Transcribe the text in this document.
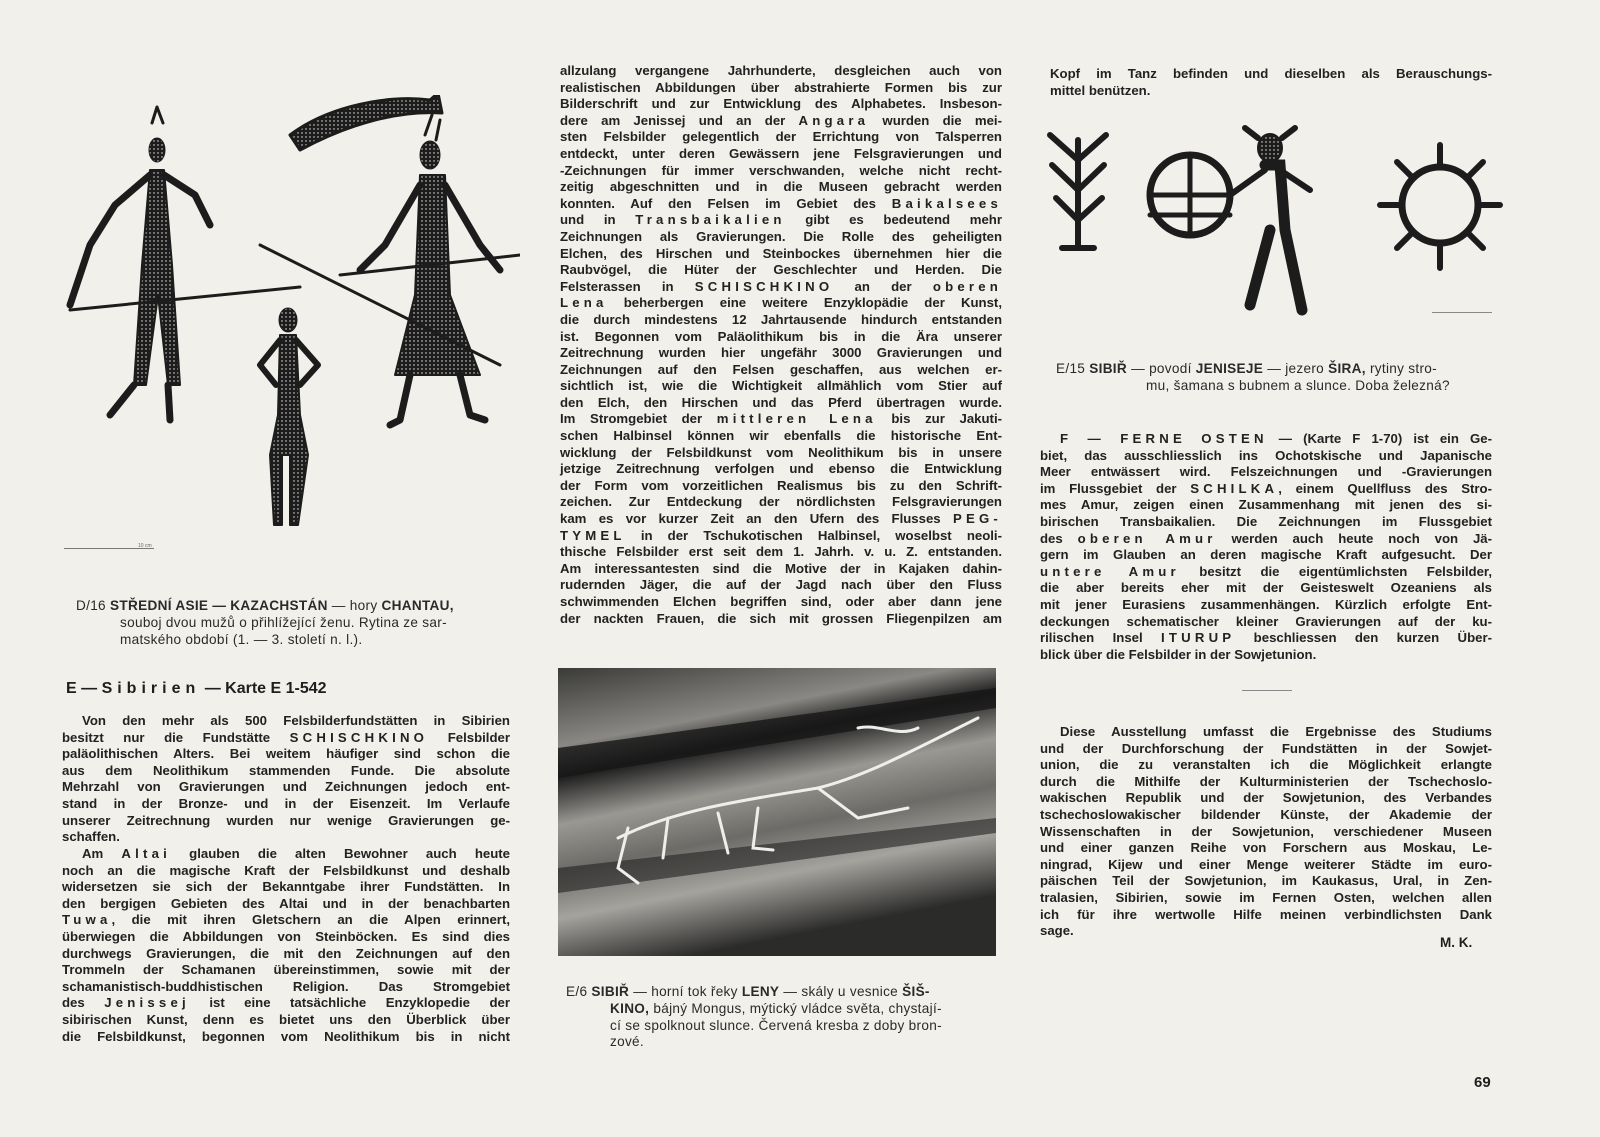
10 cm
D/16 STŘEDNÍ ASIE — KAZACHSTÁN — hory CHANTAU,
souboj dvou mužů o přihlížející ženu. Rytina ze sar-
matského období (1. — 3. století n. l.).
E/6 SIBIŘ — horní tok řeky LENY — skály u vesnice ŠIŠ-
KINO, bájný Mongus, mýtický vládce světa, chystají-
cí se spolknout slunce. Červená kresba z doby bron-
zové.
E/15 SIBIŘ — povodí JENISEJE — jezero ŠIRA, rytiny stro-
mu, šamana s bubnem a slunce. Doba železná?
E — Sibirien — Karte E 1-542
Von den mehr als 500 Felsbilderfundstätten in Sibirien
besitzt nur die Fundstätte SCHISCHKINO Felsbilder
paläolithischen Alters. Bei weitem häufiger sind schon die
aus dem Neolithikum stammenden Funde. Die absolute
Mehrzahl von Gravierungen und Zeichnungen jedoch ent-
stand in der Bronze- und in der Eisenzeit. Im Verlaufe
unserer Zeitrechnung wurden nur wenige Gravierungen ge-
schaffen.
Am Altai glauben die alten Bewohner auch heute
noch an die magische Kraft der Felsbildkunst und deshalb
widersetzen sie sich der Bekanntgabe ihrer Fundstätten. In
den bergigen Gebieten des Altai und in der benachbarten
Tuwa, die mit ihren Gletschern an die Alpen erinnert,
überwiegen die Abbildungen von Steinböcken. Es sind dies
durchwegs Gravierungen, die mit den Zeichnungen auf den
Trommeln der Schamanen übereinstimmen, sowie mit der
schamanistisch-buddhistischen Religion. Das Stromgebiet
des Jenissej ist eine tatsächliche Enzyklopedie der
sibirischen Kunst, denn es bietet uns den Überblick über
die Felsbildkunst, begonnen vom Neolithikum bis in nicht
allzulang vergangene Jahrhunderte, desgleichen auch von
realistischen Abbildungen über abstrahierte Formen bis zur
Bilderschrift und zur Entwicklung des Alphabetes. Insbeson-
dere am Jenissej und an der Angara wurden die mei-
sten Felsbilder gelegentlich der Errichtung von Talsperren
entdeckt, unter deren Gewässern jene Felsgravierungen und
-Zeichnungen für immer verschwanden, welche nicht recht-
zeitig abgeschnitten und in die Museen gebracht werden
konnten. Auf den Felsen im Gebiet des Baikalsees
und in Transbaikalien gibt es bedeutend mehr
Zeichnungen als Gravierungen. Die Rolle des geheiligten
Elchen, des Hirschen und Steinbockes übernehmen hier die
Raubvögel, die Hüter der Geschlechter und Herden. Die
Felsterassen in SCHISCHKINO an der oberen
Lena beherbergen eine weitere Enzyklopädie der Kunst,
die durch mindestens 12 Jahrtausende hindurch entstanden
ist. Begonnen vom Paläolithikum bis in die Ära unserer
Zeitrechnung wurden hier ungefähr 3000 Gravierungen und
Zeichnungen auf den Felsen geschaffen, aus welchen er-
sichtlich ist, wie die Wichtigkeit allmählich vom Stier auf
den Elch, den Hirschen und das Pferd übertragen wurde.
Im Stromgebiet der mittleren Lena bis zur Jakuti-
schen Halbinsel können wir ebenfalls die historische Ent-
wicklung der Felsbildkunst vom Neolithikum bis in unsere
jetzige Zeitrechnung verfolgen und ebenso die Entwicklung
der Form vom vorzeitlichen Realismus bis zu den Schrift-
zeichen. Zur Entdeckung der nördlichsten Felsgravierungen
kam es vor kurzer Zeit an den Ufern des Flusses PEG-
TYMEL in der Tschukotischen Halbinsel, woselbst neoli-
thische Felsbilder erst seit dem 1. Jahrh. v. u. Z. entstanden.
Am interessantesten sind die Motive der in Kajaken dahin-
rudernden Jäger, die auf der Jagd nach über den Fluss
schwimmenden Elchen begriffen sind, oder aber dann jene
der nackten Frauen, die sich mit grossen Fliegenpilzen am
Kopf im Tanz befinden und dieselben als Berauschungs-
mittel benützen.
F — FERNE OSTEN — (Karte F 1-70) ist ein Ge-
biet, das ausschliesslich ins Ochotskische und Japanische
Meer entwässert wird. Felszeichnungen und -Gravierungen
im Flussgebiet der SCHILKA, einem Quellfluss des Stro-
mes Amur, zeigen einen Zusammenhang mit jenen des si-
birischen Transbaikalien. Die Zeichnungen im Flussgebiet
des oberen Amur werden auch heute noch von Jä-
gern im Glauben an deren magische Kraft aufgesucht. Der
untere Amur besitzt die eigentümlichsten Felsbilder,
die aber bereits eher mit der Geisteswelt Ozeaniens als
mit jener Eurasiens zusammenhängen. Kürzlich erfolgte Ent-
deckungen schematischer kleiner Gravierungen auf der ku-
rilischen Insel ITURUP beschliessen den kurzen Über-
blick über die Felsbilder in der Sowjetunion.
Diese Ausstellung umfasst die Ergebnisse des Studiums
und der Durchforschung der Fundstätten in der Sowjet-
union, die zu veranstalten ich die Möglichkeit erlangte
durch die Mithilfe der Kulturministerien der Tschechoslo-
wakischen Republik und der Sowjetunion, des Verbandes
tschechoslowakischer bildender Künste, der Akademie der
Wissenschaften in der Sowjetunion, verschiedener Museen
und einer ganzen Reihe von Forschern aus Moskau, Le-
ningrad, Kijew und einer Menge weiterer Städte im euro-
päischen Teil der Sowjetunion, im Kaukasus, Ural, in Zen-
tralasien, Sibirien, sowie im Fernen Osten, welchen allen
ich für ihre wertwolle Hilfe meinen verbindlichsten Dank
sage.
M. K.
69
